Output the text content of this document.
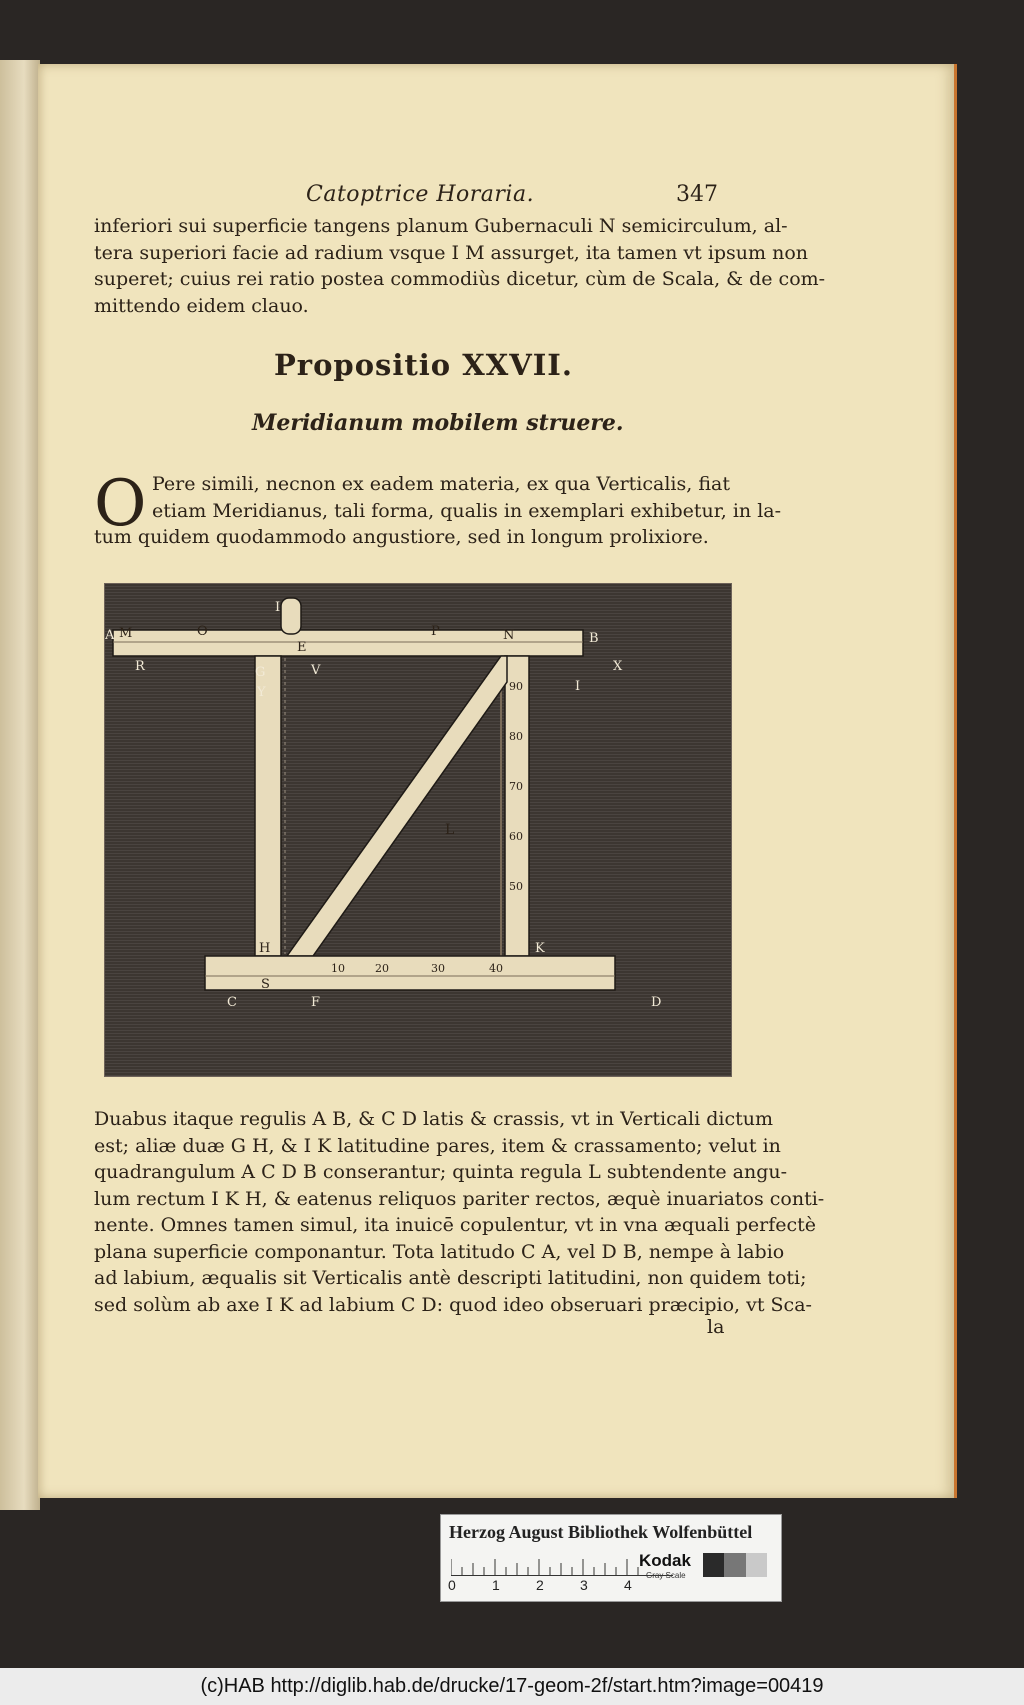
Catoptrice Horaria.	347
inferiori sui superficie tangens planum Gubernaculi N semicirculum, al-
tera superiori facie ad radium vsque I M assurget, ita tamen vt ipsum non
superet; cuius rei ratio postea commodiùs dicetur, cùm de Scala, & de com-
mittendo eidem clauo.
Propositio XXVII.
Meridianum mobilem struere.
O Pere simili, necnon ex eadem materia, ex qua Verticalis, fiat
etiam Meridianus, tali forma, qualis in exemplari exhibetur, in la-
tum quidem quodammodo angustiore, sed in longum prolixiore.
A M	O
I
P	N	B
R
E
X
G
Y
V
I
L
H	K
S
F
C	D
90
80
70
60
50
10	20	30	40
Duabus itaque regulis A B, & C D latis & crassis, vt in Verticali dictum
est; aliæ duæ G H, & I K latitudine pares, item & crassamento; velut in
quadrangulum A C D B conserantur; quinta regula L subtendente angu-
lum rectum I K H, & eatenus reliquos pariter rectos, æquè inuariatos conti-
nente. Omnes tamen simul, ita inuicē copulentur, vt in vna æquali perfectè
plana superficie componantur. Tota latitudo C A, vel D B, nempe à labio
ad labium, æqualis sit Verticalis antè descripti latitudini, non quidem toti;
sed solùm ab axe I K ad labium C D: quod ideo obseruari præcipio, vt Sca-
la
Herzog August Bibliothek Wolfenbüttel
0	1	2	3	4
Kodak
Gray Scale
(c)HAB http://diglib.hab.de/drucke/17-geom-2f/start.htm?image=00419
